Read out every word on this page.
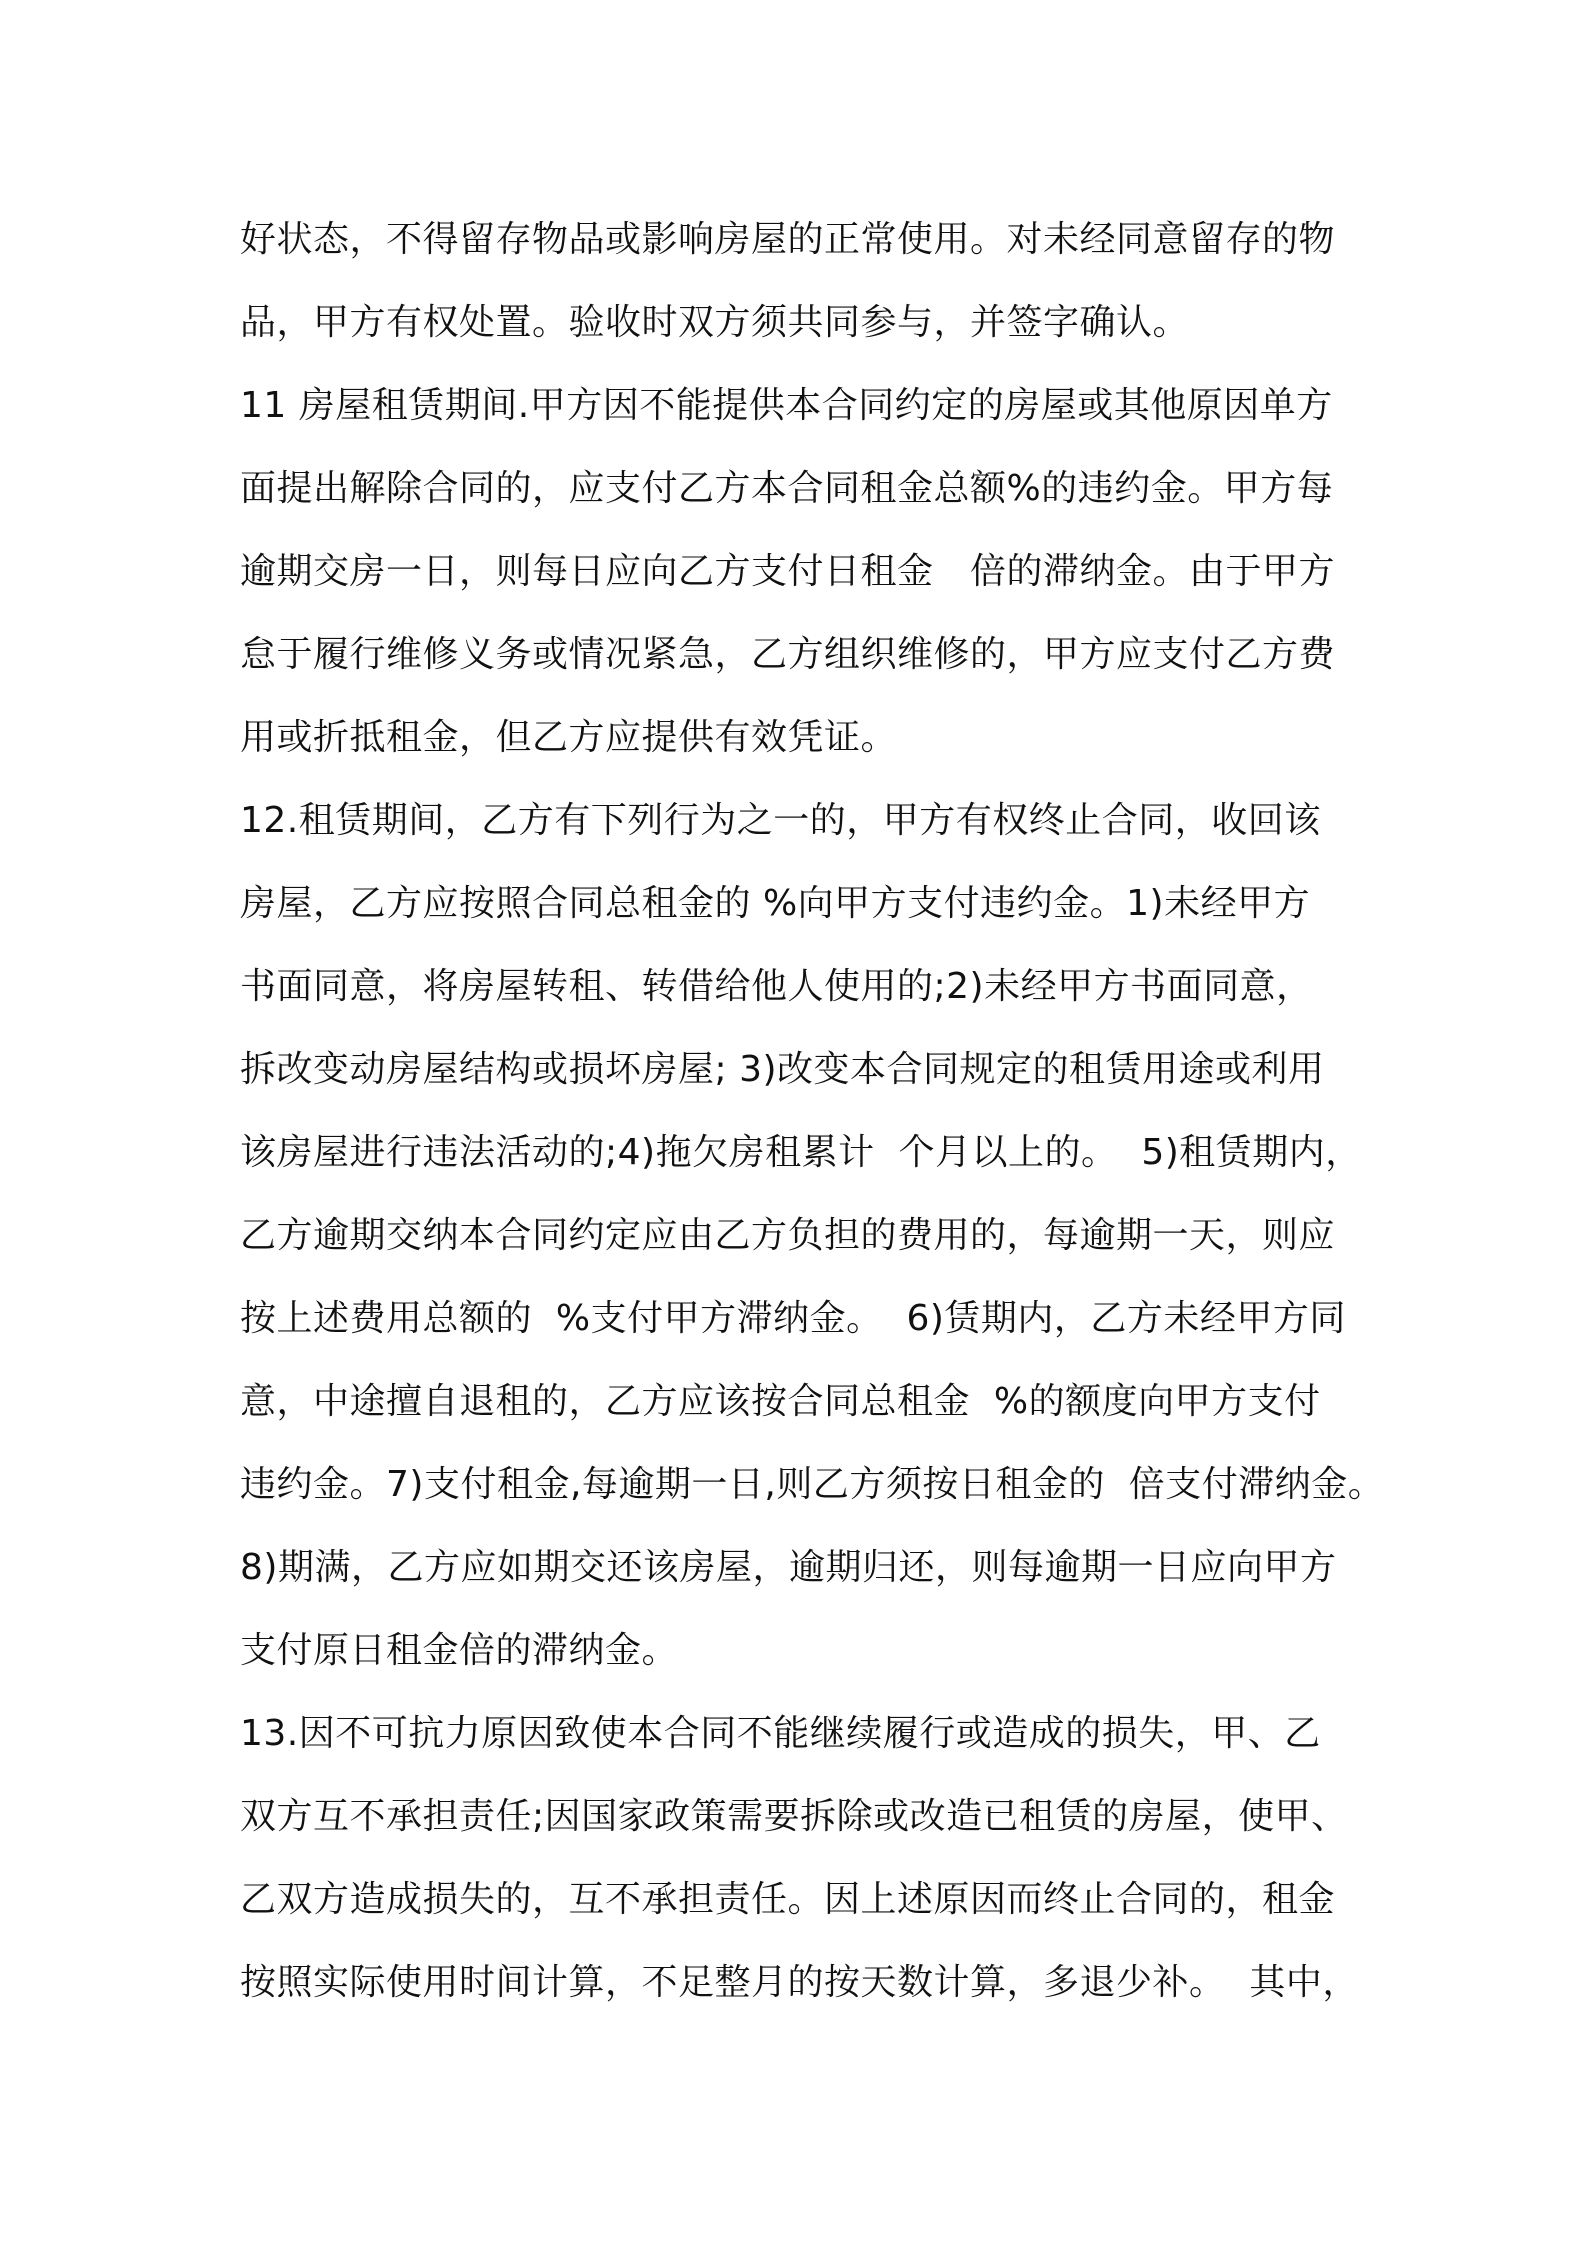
好状态，不得留存物品或影响房屋的正常使用。对未经同意留存的物
品，甲方有权处置。验收时双方须共同参与，并签字确认。
11 房屋租赁期间.甲方因不能提供本合同约定的房屋或其他原因单方
面提出解除合同的，应支付乙方本合同租金总额%的违约金。甲方每
逾期交房一日，则每日应向乙方支付日租金　倍的滞纳金。由于甲方
怠于履行维修义务或情况紧急，乙方组织维修的，甲方应支付乙方费
用或折抵租金，但乙方应提供有效凭证。
12.租赁期间，乙方有下列行为之一的，甲方有权终止合同，收回该
房屋，乙方应按照合同总租金的 %向甲方支付违约金。1)未经甲方
书面同意，将房屋转租、转借给他人使用的;2)未经甲方书面同意，
拆改变动房屋结构或损坏房屋; 3)改变本合同规定的租赁用途或利用
该房屋进行违法活动的;4)拖欠房租累计  个月以上的。  5)租赁期内，
乙方逾期交纳本合同约定应由乙方负担的费用的，每逾期一天，则应
按上述费用总额的  %支付甲方滞纳金。  6)赁期内，乙方未经甲方同
意，中途擅自退租的，乙方应该按合同总租金  %的额度向甲方支付
违约金。7)支付租金,每逾期一日,则乙方须按日租金的  倍支付滞纳金。
8)期满，乙方应如期交还该房屋，逾期归还，则每逾期一日应向甲方
支付原日租金倍的滞纳金。
13.因不可抗力原因致使本合同不能继续履行或造成的损失，甲、乙
双方互不承担责任;因国家政策需要拆除或改造已租赁的房屋，使甲、
乙双方造成损失的，互不承担责任。因上述原因而终止合同的，租金
按照实际使用时间计算，不足整月的按天数计算，多退少补。  其中，
